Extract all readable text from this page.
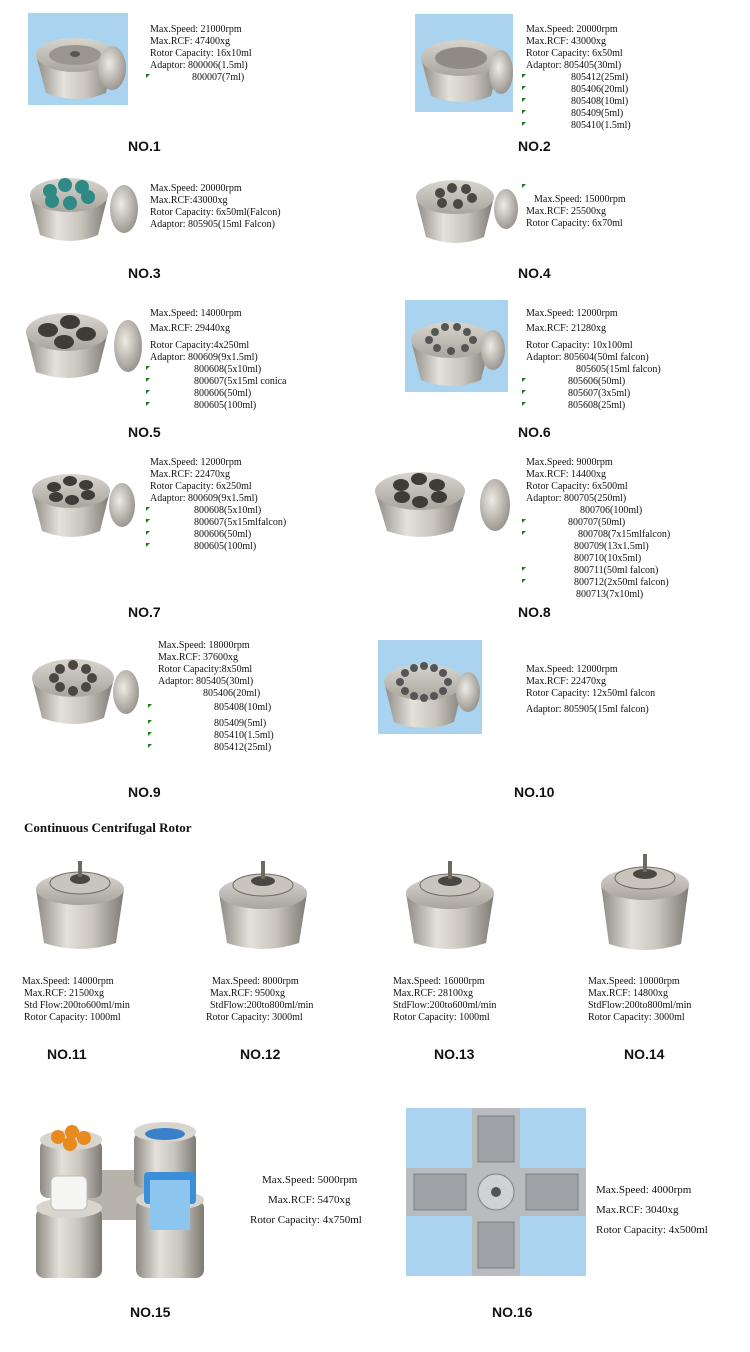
Max.Speed: 21000rpm
Max.RCF: 47400xg
Rotor Capacity: 16x10ml
Adaptor: 800006(1.5ml)
800007(7ml)
NO.1
Max.Speed: 20000rpm
Max.RCF: 43000xg
Rotor Capacity: 6x50ml
Adaptor: 805405(30ml)
805412(25ml)
805406(20ml)
805408(10ml)
805409(5ml)
805410(1.5ml)
NO.2
Max.Speed: 20000rpm
Max.RCF:43000xg
Rotor Capacity: 6x50ml(Falcon)
Adaptor: 805905(15ml Falcon)
NO.3
Max.Speed: 15000rpm
Max.RCF: 25500xg
Rotor Capacity: 6x70ml
NO.4
Max.Speed: 14000rpm
Max.RCF: 29440xg
Rotor Capacity:4x250ml
Adaptor: 800609(9x1.5ml)
800608(5x10ml)
800607(5x15ml conica
800606(50ml)
800605(100ml)
NO.5
Max.Speed: 12000rpm
Max.RCF: 21280xg
Rotor Capacity: 10x100ml
Adaptor: 805604(50ml falcon)
805605(15ml falcon)
805606(50ml)
805607(3x5ml)
805608(25ml)
NO.6
Max.Speed: 12000rpm
Max.RCF: 22470xg
Rotor Capacity: 6x250ml
Adaptor: 800609(9x1.5ml)
800608(5x10ml)
800607(5x15mlfalcon)
800606(50ml)
800605(100ml)
NO.7
Max.Speed: 9000rpm
Max.RCF: 14400xg
Rotor Capacity: 6x500ml
Adaptor: 800705(250ml)
800706(100ml)
800707(50ml)
800708(7x15mlfalcon)
800709(13x1.5ml)
800710(10x5ml)
800711(50ml falcon)
800712(2x50ml falcon)
800713(7x10ml)
NO.8
Max.Speed: 18000rpm
Max.RCF: 37600xg
Rotor Capacity:8x50ml
Adaptor: 805405(30ml)
805406(20ml)
805408(10ml)
805409(5ml)
805410(1.5ml)
805412(25ml)
NO.9
Max.Speed: 12000rpm
Max.RCF: 22470xg
Rotor Capacity: 12x50ml falcon
Adaptor: 805905(15ml falcon)
NO.10
Continuous Centrifugal Rotor
Max.Speed: 14000rpm
Max.RCF: 21500xg
Std Flow:200to600ml/min
Rotor Capacity: 1000ml
Max.Speed: 8000rpm
Max.RCF: 9500xg
StdFlow:200to800ml/min
Rotor Capacity: 3000ml
Max.Speed: 16000rpm
Max.RCF: 28100xg
StdFlow:200to600ml/min
Rotor Capacity: 1000ml
Max.Speed: 10000rpm
Max.RCF: 14800xg
StdFlow:200to800ml/min
Rotor Capacity: 3000ml
NO.11	NO.12	NO.13	NO.14
Max.Speed: 5000rpm
Max.RCF: 5470xg
Rotor Capacity: 4x750ml
NO.15
Max.Speed: 4000rpm
Max.RCF: 3040xg
Rotor Capacity: 4x500ml
NO.16
